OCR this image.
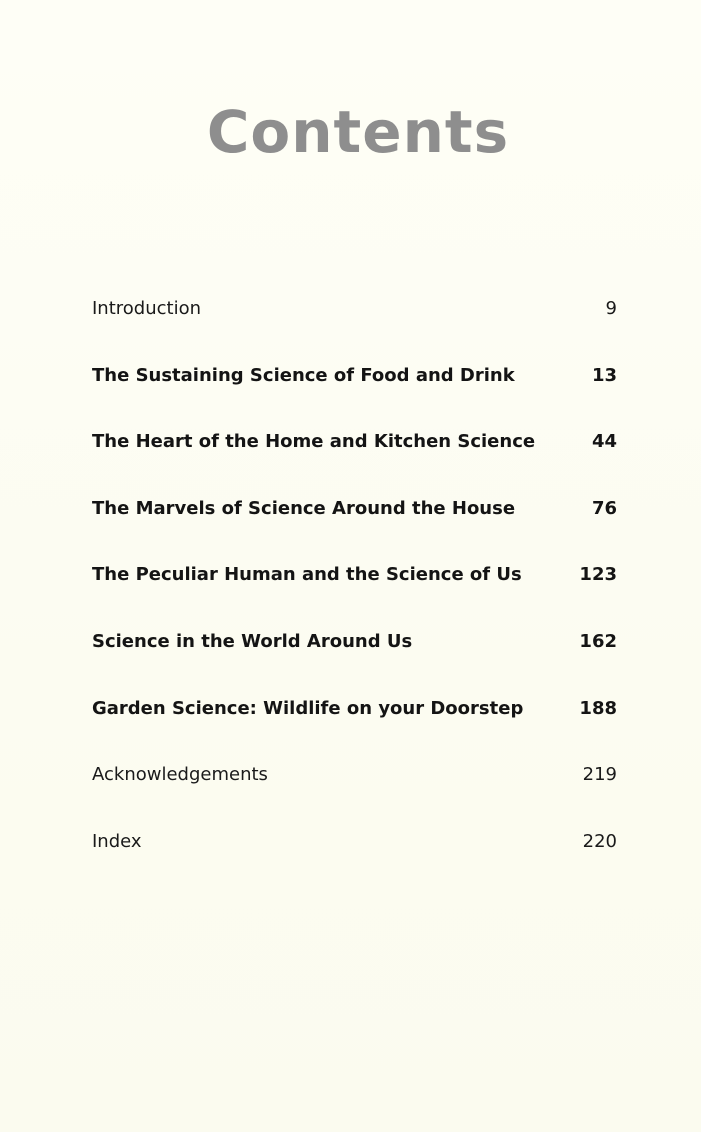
Contents
Introduction	9
The Sustaining Science of Food and Drink	13
The Heart of the Home and Kitchen Science	44
The Marvels of Science Around the House	76
The Peculiar Human and the Science of Us	123
Science in the World Around Us	162
Garden Science: Wildlife on your Doorstep	188
Acknowledgements	219
Index	220
